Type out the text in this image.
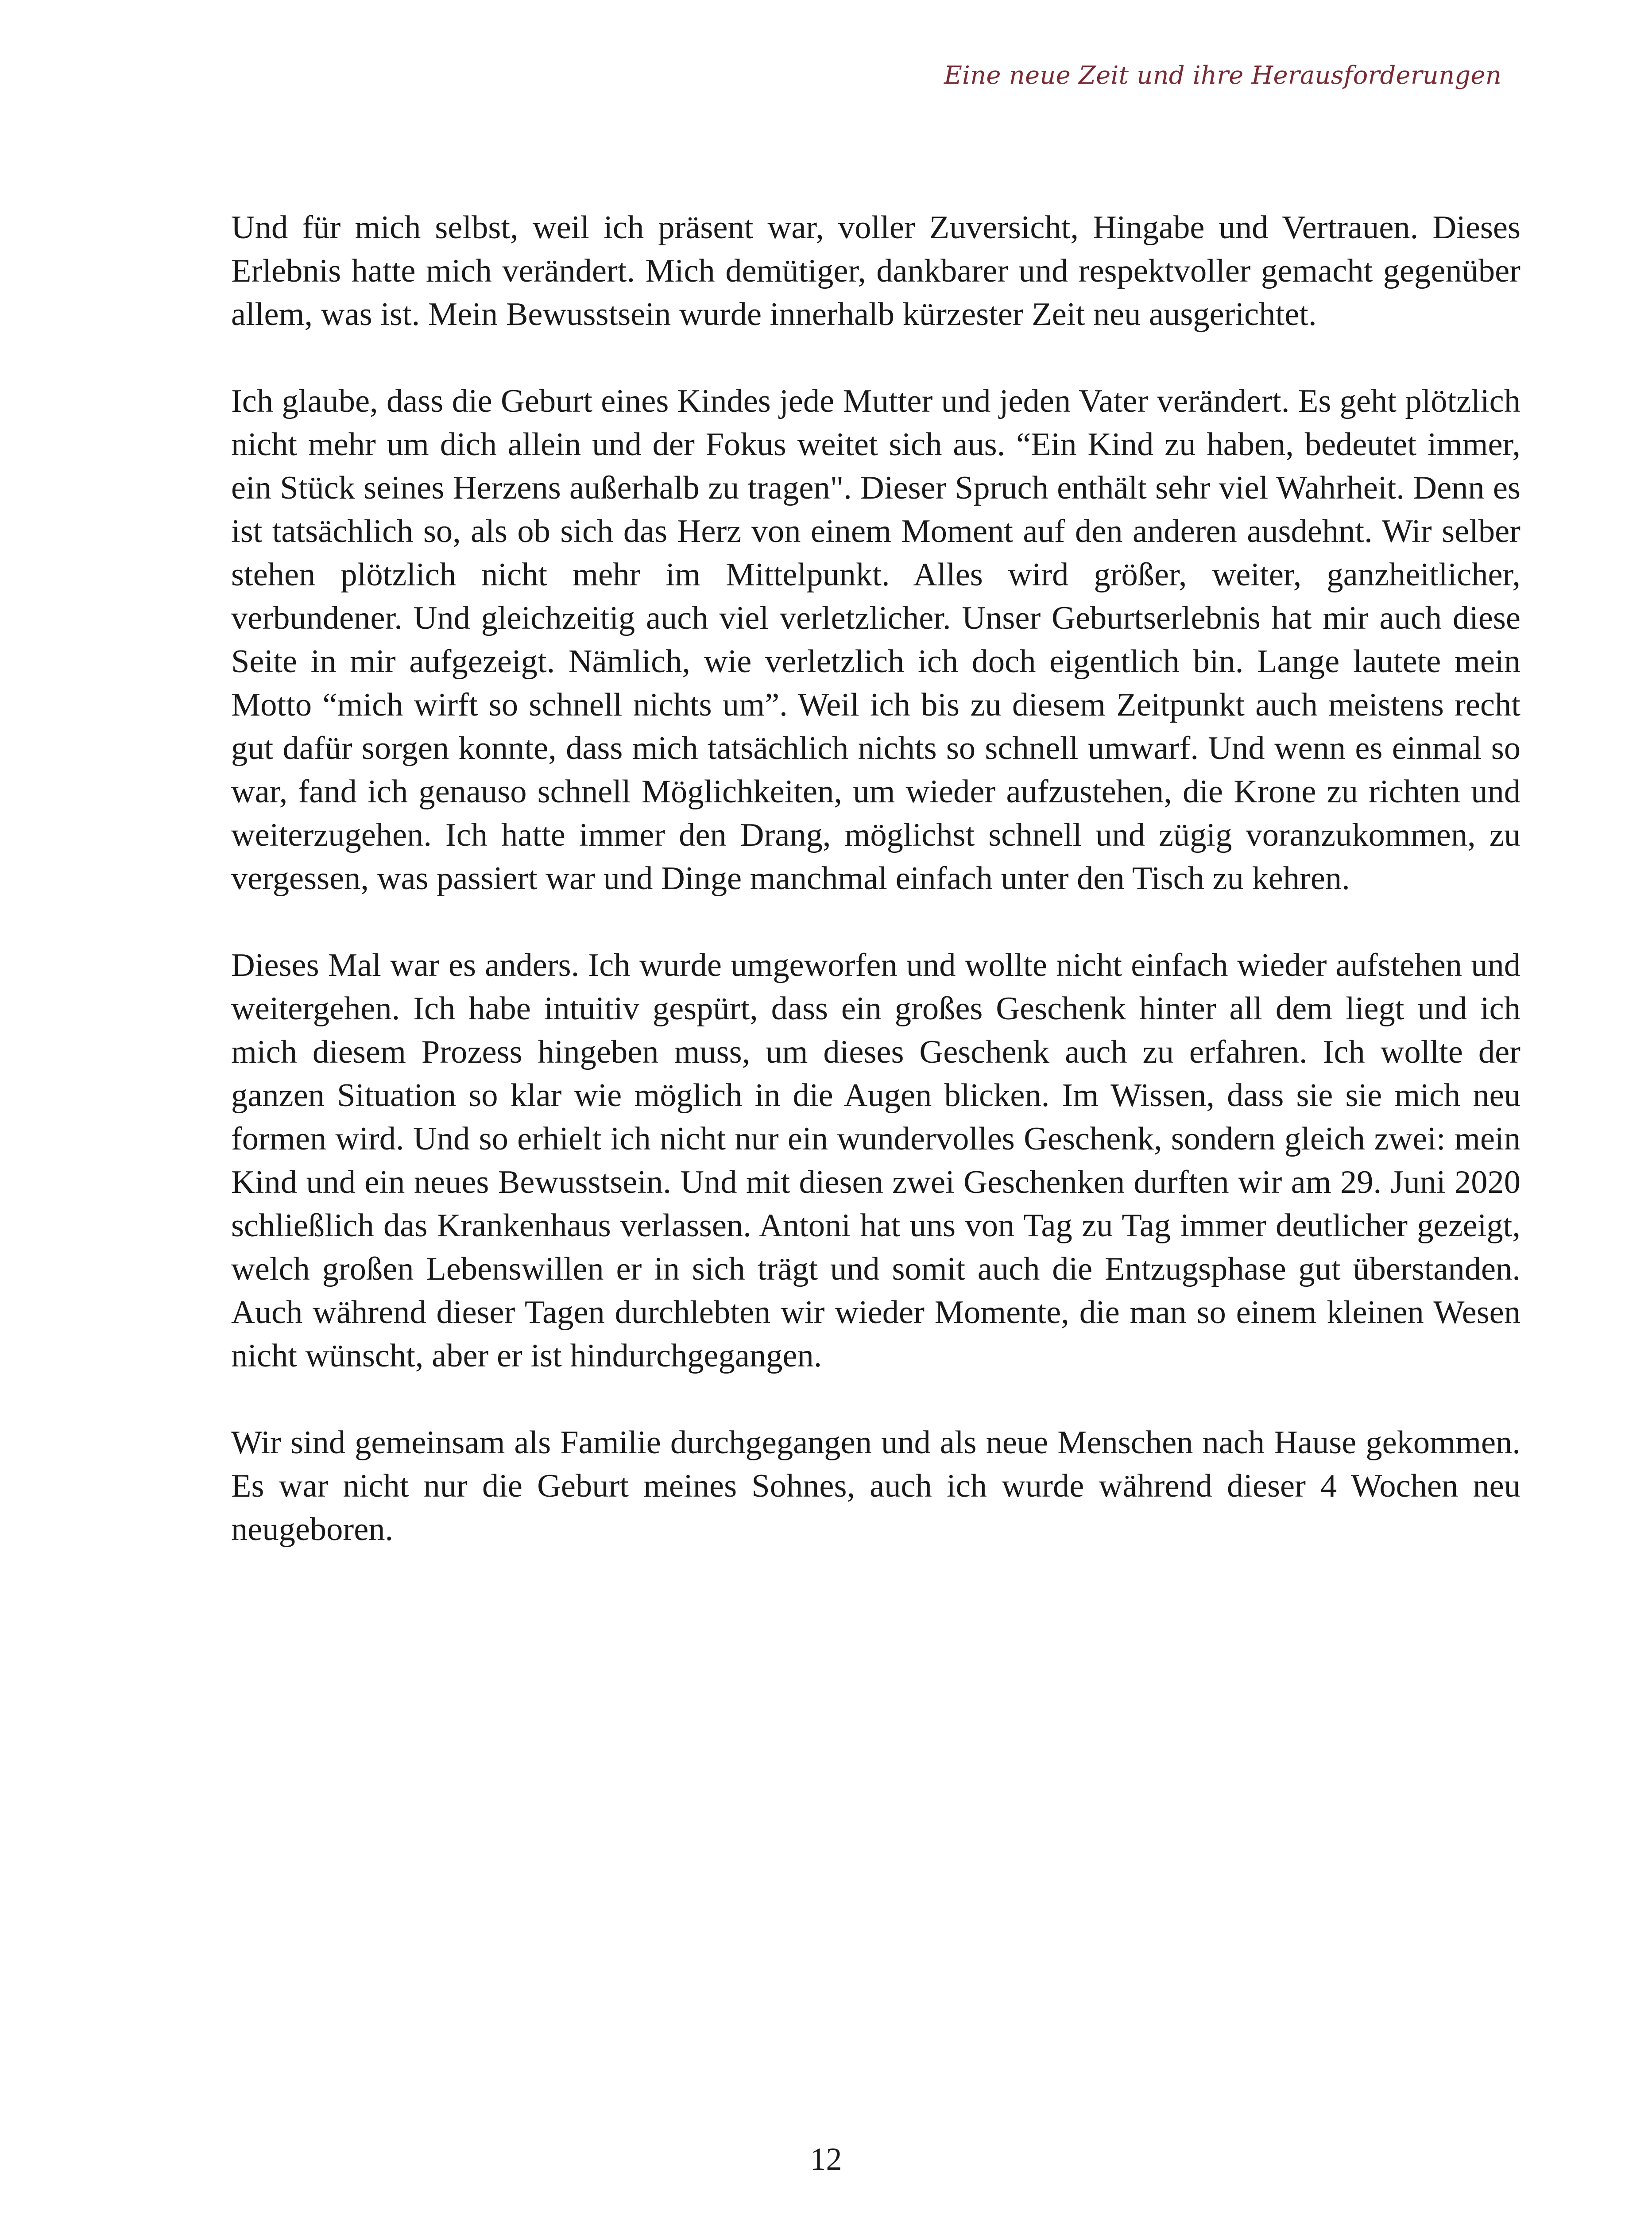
Eine neue Zeit und ihre Herausforderungen

Und für mich selbst, weil ich präsent war, voller Zuversicht, Hingabe und Vertrauen. Dieses Erlebnis hatte mich verändert. Mich demütiger, dankbarer und respektvoller gemacht gegenüber allem, was ist. Mein Bewusstsein wurde innerhalb kürzester Zeit neu ausgerichtet.

Ich glaube, dass die Geburt eines Kindes jede Mutter und jeden Vater verändert. Es geht plötzlich nicht mehr um dich allein und der Fokus weitet sich aus. “Ein Kind zu haben, bedeutet immer, ein Stück seines Herzens außerhalb zu tragen". Dieser Spruch enthält sehr viel Wahrheit. Denn es ist tatsächlich so, als ob sich das Herz von einem Moment auf den anderen ausdehnt. Wir selber stehen plötzlich nicht mehr im Mittelpunkt. Alles wird größer, weiter, ganzheitlicher, verbundener. Und gleichzeitig auch viel verletzlicher. Unser Geburtserlebnis hat mir auch diese Seite in mir aufgezeigt. Nämlich, wie verletzlich ich doch eigentlich bin. Lange lautete mein Motto “mich wirft so schnell nichts um”. Weil ich bis zu diesem Zeitpunkt auch meistens recht gut dafür sorgen konnte, dass mich tatsächlich nichts so schnell umwarf. Und wenn es einmal so war, fand ich genauso schnell Möglichkeiten, um wieder aufzustehen, die Krone zu richten und weiterzugehen. Ich hatte immer den Drang, möglichst schnell und zügig voranzukommen, zu vergessen, was passiert war und Dinge manchmal einfach unter den Tisch zu kehren.

Dieses Mal war es anders. Ich wurde umgeworfen und wollte nicht einfach wieder aufstehen und weitergehen. Ich habe intuitiv gespürt, dass ein großes Geschenk hinter all dem liegt und ich mich diesem Prozess hingeben muss, um dieses Geschenk auch zu erfahren. Ich wollte der ganzen Situation so klar wie möglich in die Augen blicken. Im Wissen, dass sie sie mich neu formen wird. Und so erhielt ich nicht nur ein wundervolles Geschenk, sondern gleich zwei: mein Kind und ein neues Bewusstsein. Und mit diesen zwei Geschenken durften wir am 29. Juni 2020 schließlich das Krankenhaus verlassen. Antoni hat uns von Tag zu Tag immer deutlicher gezeigt, welch großen Lebenswillen er in sich trägt und somit auch die Entzugsphase gut überstanden. Auch während dieser Tagen durchlebten wir wieder Momente, die man so einem kleinen Wesen nicht wünscht, aber er ist hindurchgegangen.

Wir sind gemeinsam als Familie durchgegangen und als neue Menschen nach Hause gekommen. Es war nicht nur die Geburt meines Sohnes, auch ich wurde während dieser 4 Wochen neu neugeboren.

12
